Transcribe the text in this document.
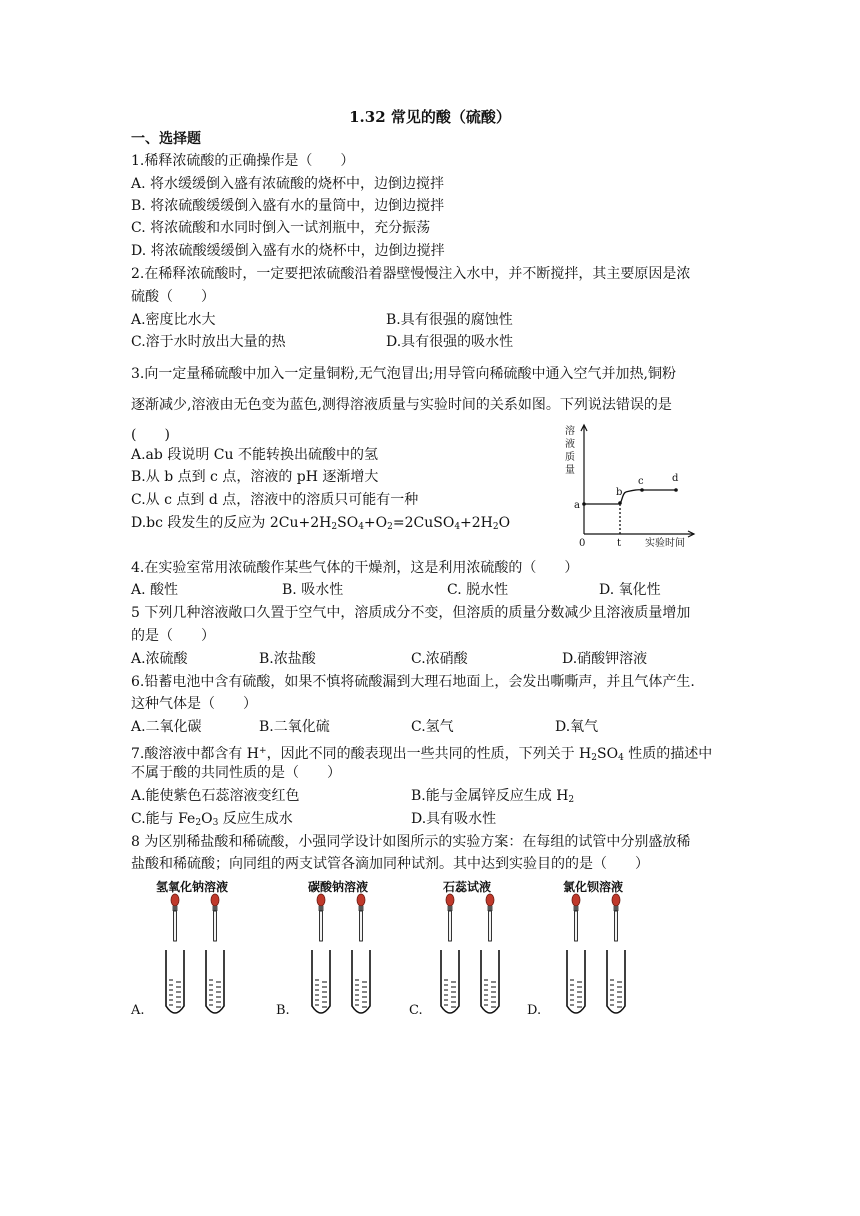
1.32 常见的酸（硫酸）
一、选择题
1.稀释浓硫酸的正确操作是（　　）
A. 将水缓缓倒入盛有浓硫酸的烧杯中，边倒边搅拌
B. 将浓硫酸缓缓倒入盛有水的量筒中，边倒边搅拌
C. 将浓硫酸和水同时倒入一试剂瓶中，充分振荡
D. 将浓硫酸缓缓倒入盛有水的烧杯中，边倒边搅拌
2.在稀释浓硫酸时，一定要把浓硫酸沿着器壁慢慢注入水中，并不断搅拌，其主要原因是浓
硫酸（　　）
A.密度比水大	B.具有很强的腐蚀性
C.溶于水时放出大量的热	D.具有很强的吸水性
3.向一定量稀硫酸中加入一定量铜粉,无气泡冒出;用导管向稀硫酸中通入空气并加热,铜粉
逐渐减少,溶液由无色变为蓝色,测得溶液质量与实验时间的关系如图。下列说法错误的是
(　　)
A.ab 段说明 Cu 不能转换出硫酸中的氢
B.从 b 点到 c 点，溶液的 pH 逐渐增大
C.从 c 点到 d 点，溶液中的溶质只可能有一种
D.bc 段发生的反应为 $2Cu+2H_2SO_4+O_2=2CuSO_4+2H_2O$
溶
液
质
量
实验时间
0	t
a
b
c	d
4.在实验室常用浓硫酸作某些气体的干燥剂，这是利用浓硫酸的（　　）
A. 酸性	B. 吸水性	C. 脱水性	D. 氧化性
5 下列几种溶液敞口久置于空气中，溶质成分不变，但溶质的质量分数减少且溶液质量增加
的是（　　）
A.浓硫酸	B.浓盐酸	C.浓硝酸	D.硝酸钾溶液
6.铅蓄电池中含有硫酸，如果不慎将硫酸漏到大理石地面上，会发出嘶嘶声，并且气体产生.
这种气体是（　　）
A.二氧化碳	B.二氧化硫	C.氢气	D.氧气
7.酸溶液中都含有 H+，因此不同的酸表现出一些共同的性质，下列关于 $H_2SO_4$ 性质的描述中
不属于酸的共同性质的是（　　）
A.能使紫色石蕊溶液变红色	B.能与金属锌反应生成 $H_2$
C.能与 $Fe_2O_3$ 反应生成水	D.具有吸水性
8 为区别稀盐酸和稀硫酸，小强同学设计如图所示的实验方案：在每组的试管中分别盛放稀
盐酸和稀硫酸；向同组的两支试管各滴加同种试剂。其中达到实验目的的是（　　）
氢氧化钠溶液	碳酸钠溶液	石蕊试液	氯化钡溶液
A.	B.	C.	D.
